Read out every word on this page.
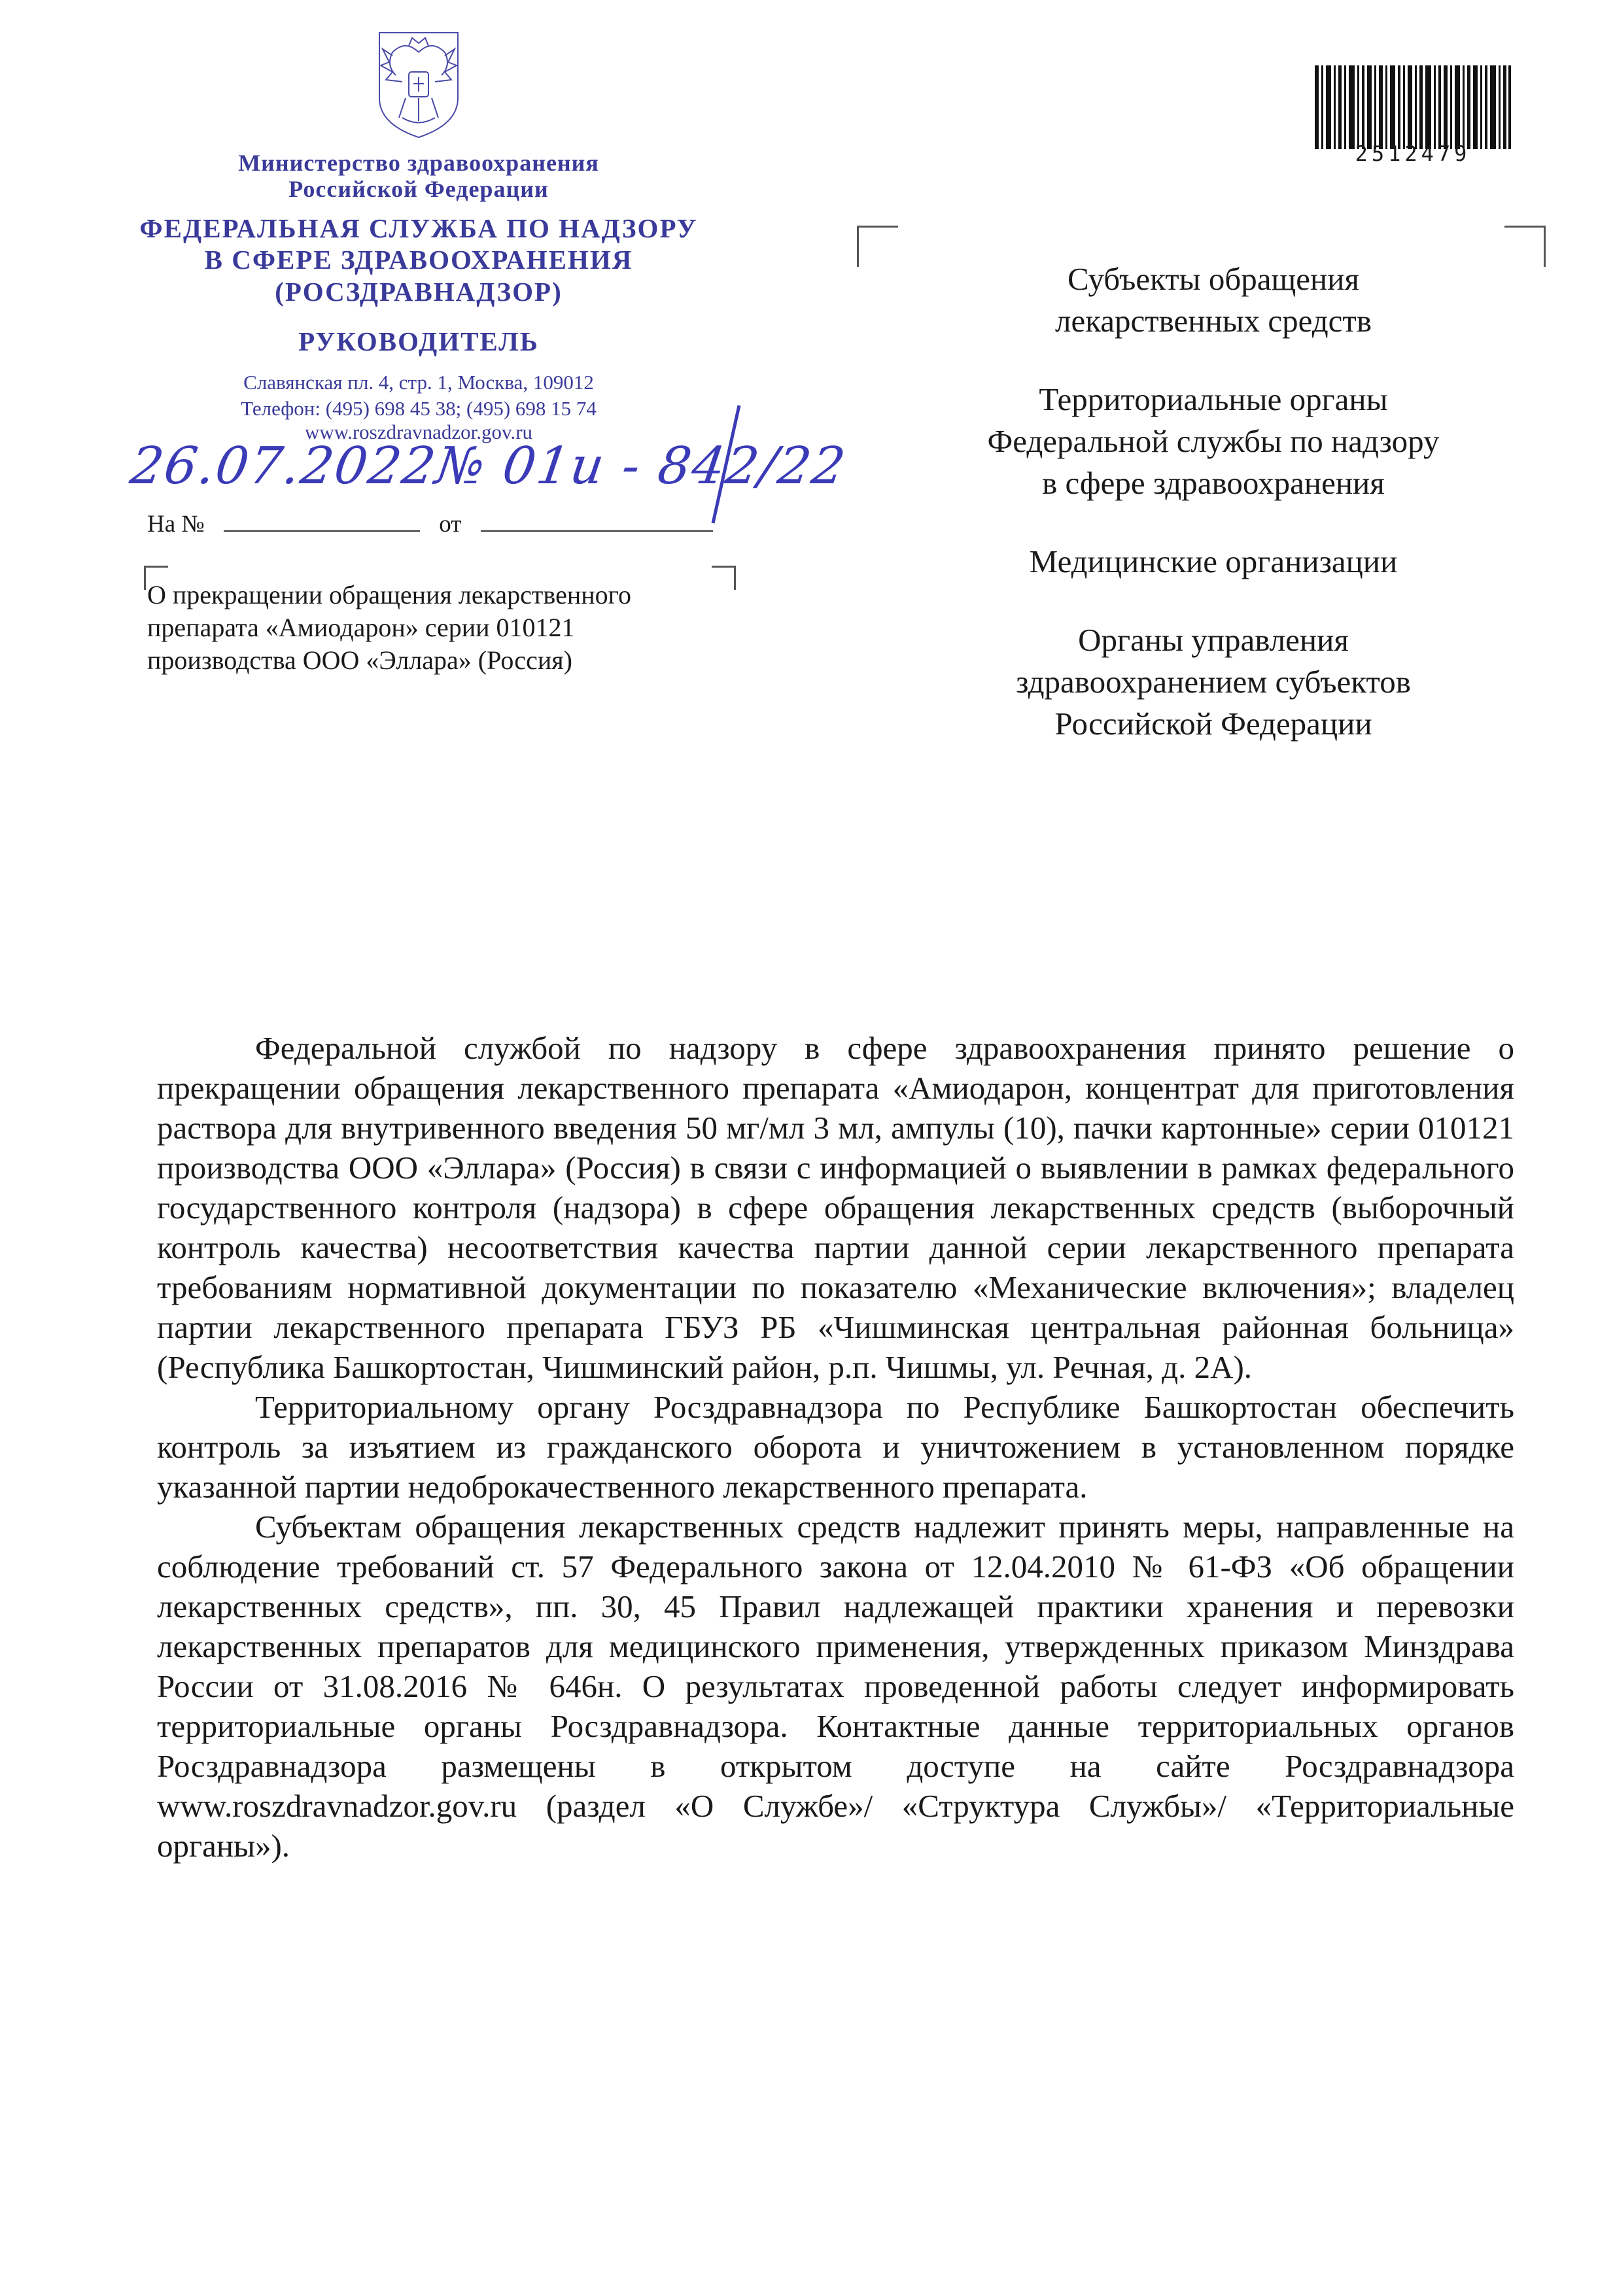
Министерство здравоохранения
Российской Федерации
ФЕДЕРАЛЬНАЯ СЛУЖБА ПО НАДЗОРУ
В СФЕРЕ ЗДРАВООХРАНЕНИЯ
(РОСЗДРАВНАДЗОР)
РУКОВОДИТЕЛЬ
Славянская пл. 4, стр. 1, Москва, 109012
Телефон: (495) 698 45 38; (495) 698 15 74
www.roszdravnadzor.gov.ru
26.07.2022№ 01и - 842/22
На №	от
О прекращении обращения лекарственного
препарата «Амиодарон» серии 010121
производства ООО «Эллара» (Россия)
2512479
Субъекты обращения
лекарственных средств
Территориальные органы
Федеральной службы по надзору
в сфере здравоохранения
Медицинские организации
Органы управления
здравоохранением субъектов
Российской Федерации

Федеральной службой по надзору в сфере здравоохранения принято решение о прекращении обращения лекарственного препарата «Амиодарон, концентрат для приготовления раствора для внутривенного введения 50 мг/мл 3 мл, ампулы (10), пачки картонные» серии 010121 производства ООО «Эллара» (Россия) в связи с информацией о выявлении в рамках федерального государственного контроля (надзора) в сфере обращения лекарственных средств (выборочный контроль качества) несоответствия качества партии данной серии лекарственного препарата требованиям нормативной документации по показателю «Механические включения»; владелец партии лекарственного препарата ГБУЗ РБ «Чишминская центральная районная больница» (Республика Башкортостан, Чишминский район, р.п. Чишмы, ул. Речная, д. 2А).

Территориальному органу Росздравнадзора по Республике Башкортостан обеспечить контроль за изъятием из гражданского оборота и уничтожением в установленном порядке указанной партии недоброкачественного лекарственного препарата.

Субъектам обращения лекарственных средств надлежит принять меры, направленные на соблюдение требований ст. 57 Федерального закона от 12.04.2010 № 61-ФЗ «Об обращении лекарственных средств», пп. 30, 45 Правил надлежащей практики хранения и перевозки лекарственных препаратов для медицинского применения, утвержденных приказом Минздрава России от 31.08.2016 № 646н. О результатах проведенной работы следует информировать территориальные органы Росздравнадзора. Контактные данные территориальных органов Росздравнадзора размещены в открытом доступе на сайте Росздравнадзора www.roszdravnadzor.gov.ru (раздел «О Службе»/ «Структура Службы»/ «Территориальные органы»).
